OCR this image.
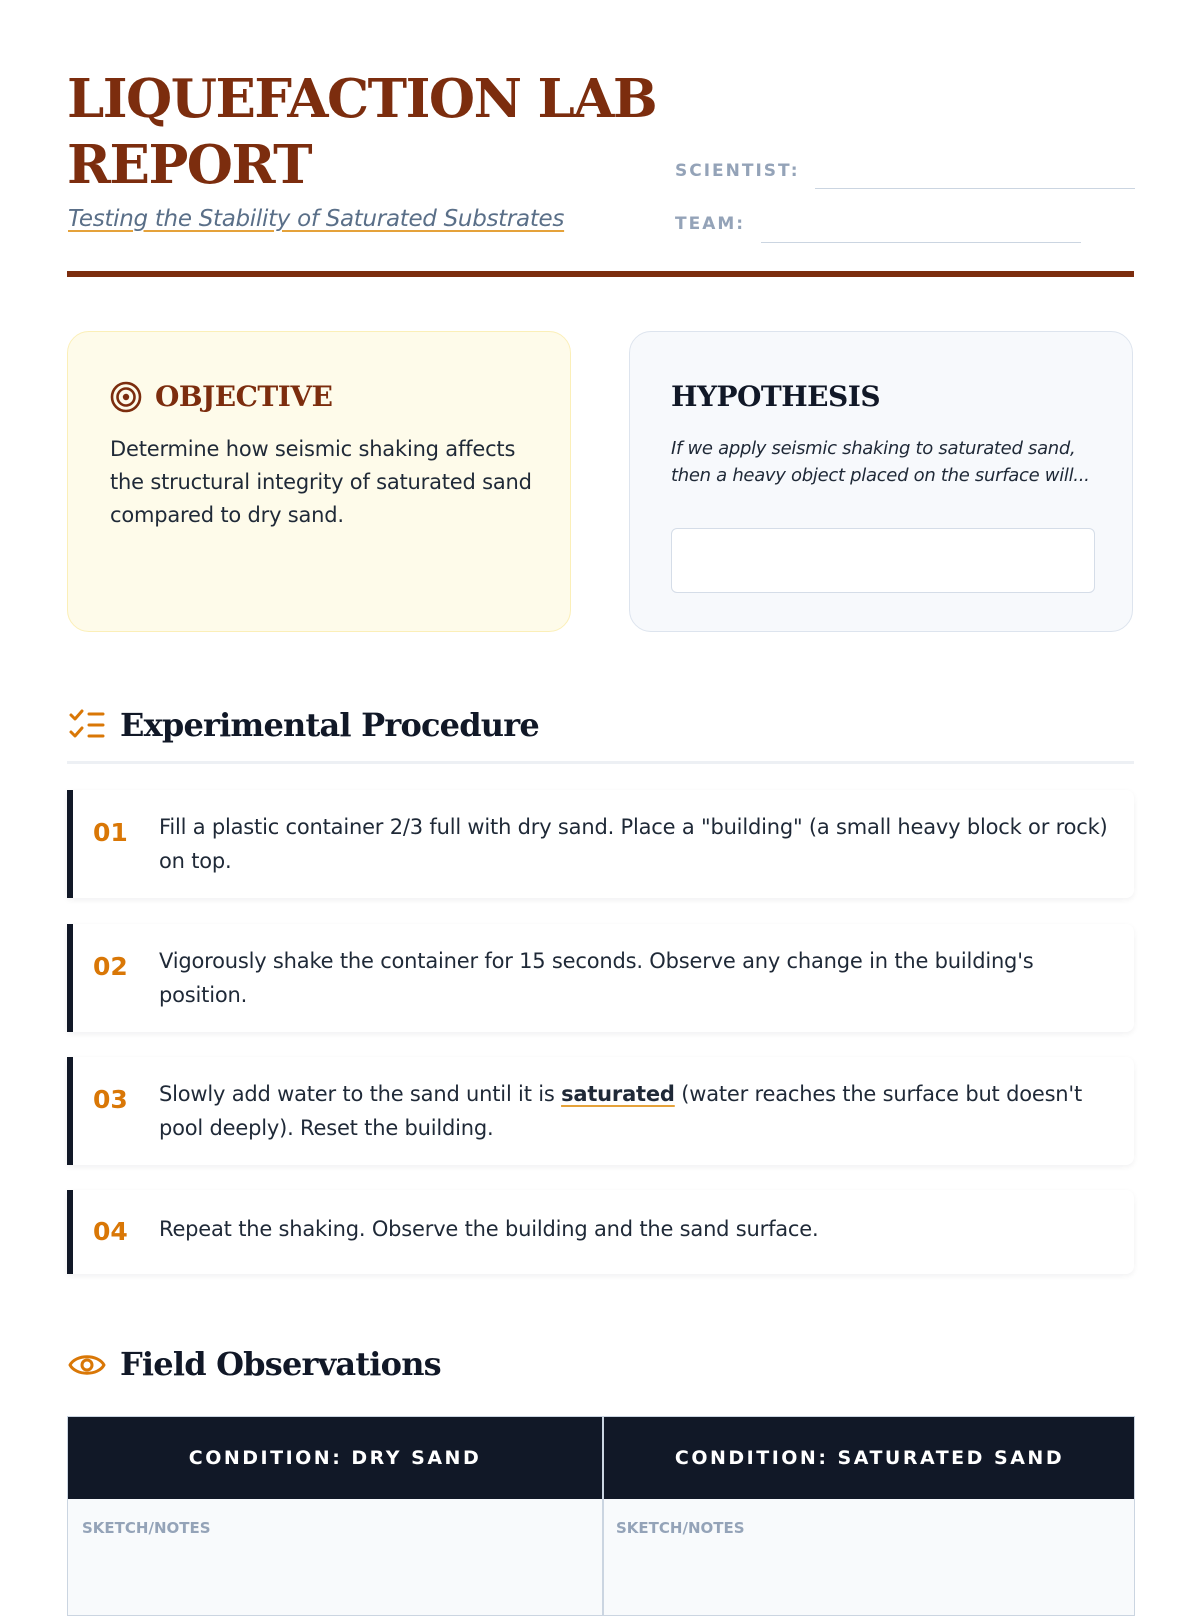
LIQUEFACTION LAB REPORT
Testing the Stability of Saturated Substrates
SCIENTIST:
TEAM:
OBJECTIVE
Determine how seismic shaking affects the structural integrity of saturated sand compared to dry sand.
HYPOTHESIS
If we apply seismic shaking to saturated sand, then a heavy object placed on the surface will...
Experimental Procedure
01 Fill a plastic container 2/3 full with dry sand. Place a "building" (a small heavy block or rock) on top.
02 Vigorously shake the container for 15 seconds. Observe any change in the building's position.
03 Slowly add water to the sand until it is saturated (water reaches the surface but doesn't pool deeply). Reset the building.
04 Repeat the shaking. Observe the building and the sand surface.
Field Observations
CONDITION: DRY SAND	CONDITION: SATURATED SAND
SKETCH/NOTES	SKETCH/NOTES
